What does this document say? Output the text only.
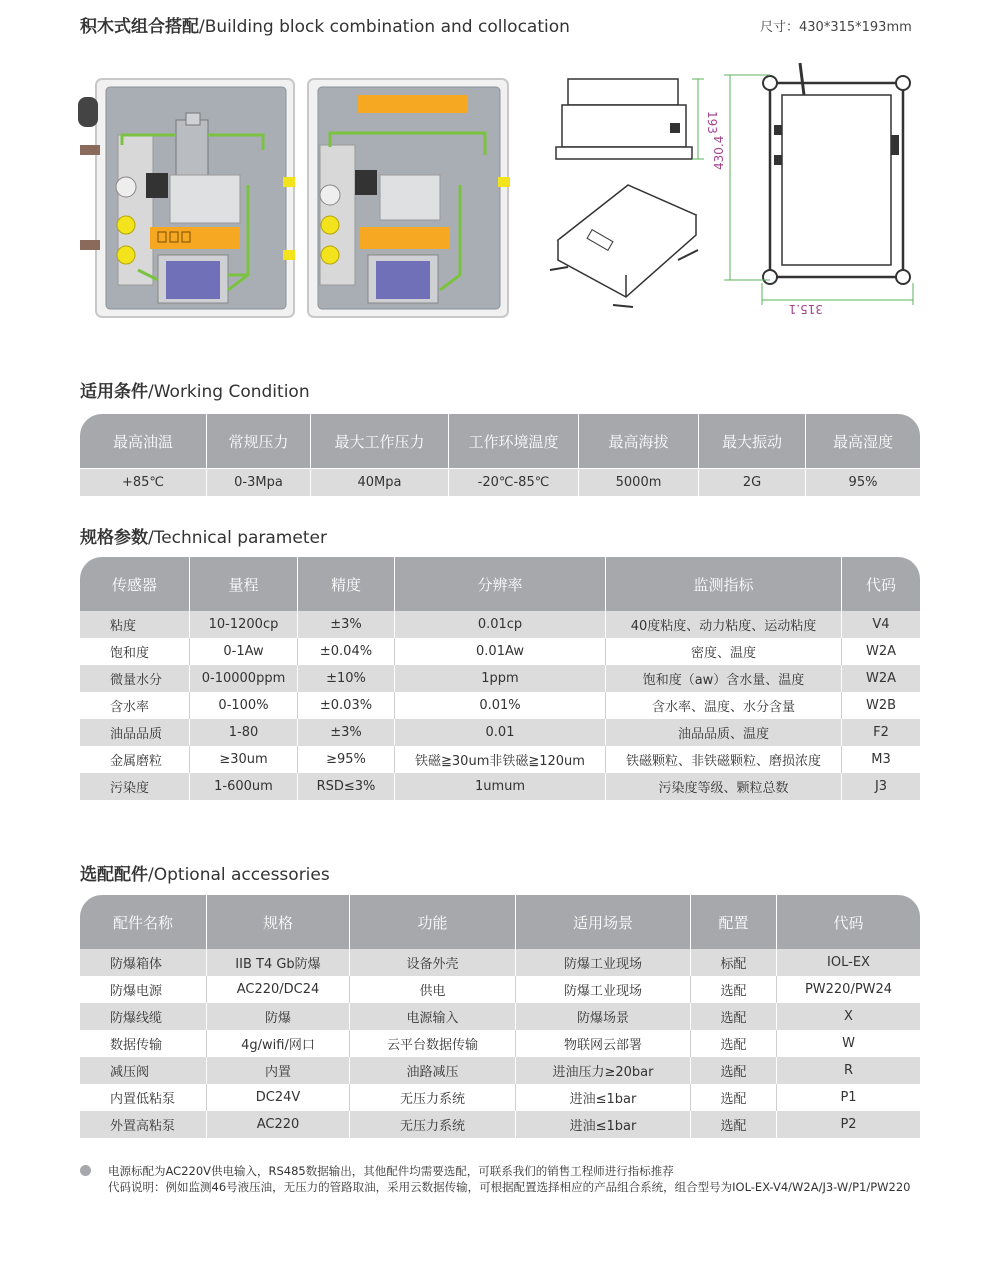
积木式组合搭配/Building block combination and collocation	尺寸：430*315*193mm
193
430.4
315.1
适用条件/Working Condition
最高油温	常规压力	最大工作压力	工作环境温度	最高海拔	最大振动	最高湿度
+85℃	0-3Mpa	40Mpa	-20℃-85℃	5000m	2G	95%
规格参数/Technical parameter
传感器	量程	精度	分辨率	监测指标	代码
粘度	10-1200cp	±3%	0.01cp	40度粘度、动力粘度、运动粘度	V4
饱和度	0-1Aw	±0.04%	0.01Aw	密度、温度	W2A
微量水分	0-10000ppm	±10%	1ppm	饱和度（aw）含水量、温度	W2A
含水率	0-100%	±0.03%	0.01%	含水率、温度、水分含量	W2B
油品品质	1-80	±3%	0.01	油品品质、温度	F2
金属磨粒	≥30um	≥95%	铁磁≧30um非铁磁≧120um	铁磁颗粒、非铁磁颗粒、磨损浓度	M3
污染度	1-600um	RSD≤3%	1umum	污染度等级、颗粒总数	J3
选配配件/Optional accessories
配件名称	规格	功能	适用场景	配置	代码
防爆箱体	IIB T4 Gb防爆	设备外壳	防爆工业现场	标配	IOL-EX
防爆电源	AC220/DC24	供电	防爆工业现场	选配	PW220/PW24
防爆线缆	防爆	电源输入	防爆场景	选配	X
数据传输	4g/wifi/网口	云平台数据传输	物联网云部署	选配	W
减压阀	内置	油路减压	进油压力≥20bar	选配	R
内置低粘泵	DC24V	无压力系统	进油≤1bar	选配	P1
外置高粘泵	AC220	无压力系统	进油≤1bar	选配	P2
电源标配为AC220V供电输入，RS485数据输出，其他配件均需要选配，可联系我们的销售工程师进行指标推荐
代码说明：例如监测46号液压油，无压力的管路取油，采用云数据传输，可根据配置选择相应的产品组合系统，组合型号为IOL-EX-V4/W2A/J3-W/P1/PW220
